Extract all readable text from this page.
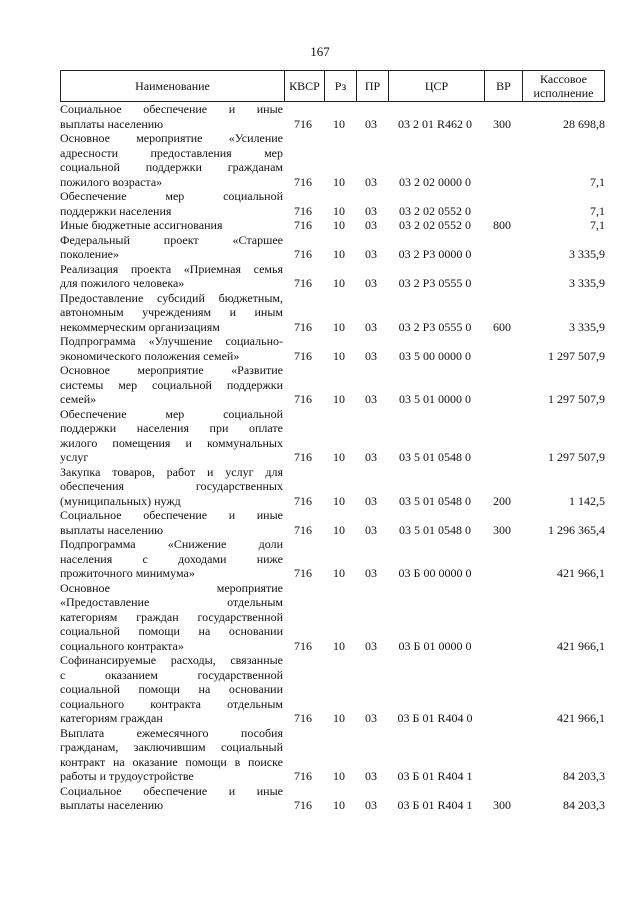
167
Наименование	КВСР	Рз	ПР	ЦСР	ВР	Кассовое
исполнение
Социальное обеспечение и иные
выплаты населению	716	10	03	03 2 01 R462 0	300	28 698,8
Основное мероприятие «Усиление
адресности предоставления мер
социальной поддержки гражданам
пожилого возраста»	716	10	03	03 2 02 0000 0	7,1
Обеспечение мер социальной
поддержки населения	716	10	03	03 2 02 0552 0	7,1
Иные бюджетные ассигнования	716	10	03	03 2 02 0552 0	800	7,1
Федеральный проект «Старшее
поколение»	716	10	03	03 2 P3 0000 0	3 335,9
Реализация проекта «Приемная семья
для пожилого человека»	716	10	03	03 2 P3 0555 0	3 335,9
Предоставление субсидий бюджетным,
автономным учреждениям и иным
некоммерческим организациям	716	10	03	03 2 P3 0555 0	600	3 335,9
Подпрограмма «Улучшение социально-
экономического положения семей»	716	10	03	03 5 00 0000 0	1 297 507,9
Основное мероприятие «Развитие
системы мер социальной поддержки
семей»	716	10	03	03 5 01 0000 0	1 297 507,9
Обеспечение мер социальной
поддержки населения при оплате
жилого помещения и коммунальных
услуг	716	10	03	03 5 01 0548 0	1 297 507,9
Закупка товаров, работ и услуг для
обеспечения государственных
(муниципальных) нужд	716	10	03	03 5 01 0548 0	200	1 142,5
Социальное обеспечение и иные
выплаты населению	716	10	03	03 5 01 0548 0	300	1 296 365,4
Подпрограмма «Снижение доли
населения с доходами ниже
прожиточного минимума»	716	10	03	03 Б 00 0000 0	421 966,1
Основное мероприятие
«Предоставление отдельным
категориям граждан государственной
социальной помощи на основании
социального контракта»	716	10	03	03 Б 01 0000 0	421 966,1
Софинансируемые расходы, связанные
с оказанием государственной
социальной помощи на основании
социального контракта отдельным
категориям граждан	716	10	03	03 Б 01 R404 0	421 966,1
Выплата ежемесячного пособия
гражданам, заключившим социальный
контракт на оказание помощи в поиске
работы и трудоустройстве	716	10	03	03 Б 01 R404 1	84 203,3
Социальное обеспечение и иные
выплаты населению	716	10	03	03 Б 01 R404 1	300	84 203,3
